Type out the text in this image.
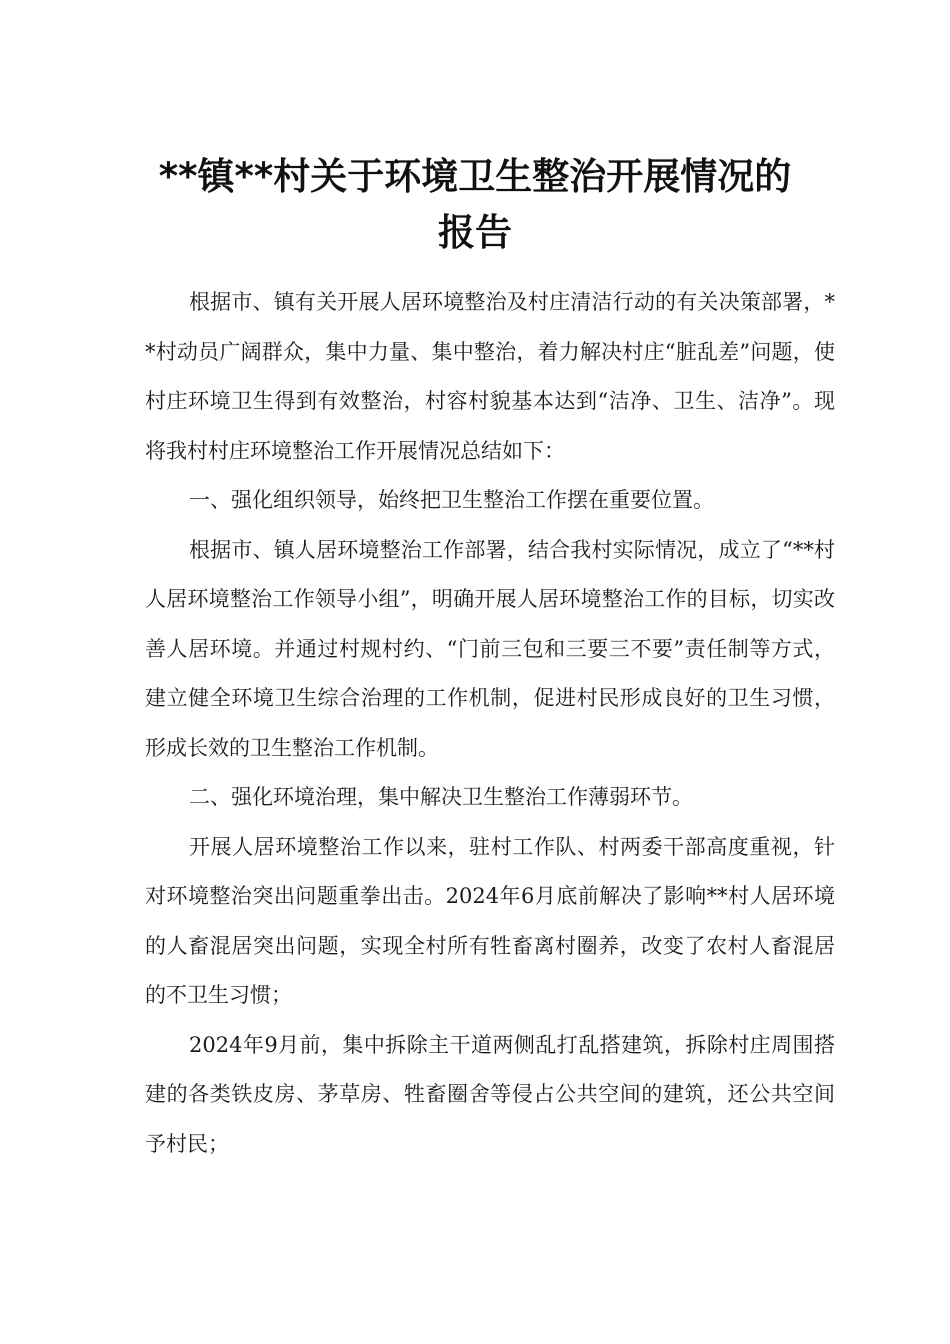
**镇**村关于环境卫生整治开展情况的
报告

根据市、镇有关开展人居环境整治及村庄清洁行动的有关决策部署，**村动员广阔群众，集中力量、集中整治，着力解决村庄“脏乱差”问题，使村庄环境卫生得到有效整治，村容村貌基本达到“洁净、卫生、洁净”。现将我村村庄环境整治工作开展情况总结如下：

一、强化组织领导，始终把卫生整治工作摆在重要位置。

根据市、镇人居环境整治工作部署，结合我村实际情况，成立了“**村人居环境整治工作领导小组”，明确开展人居环境整治工作的目标，切实改善人居环境。并通过村规村约、“门前三包和三要三不要”责任制等方式，建立健全环境卫生综合治理的工作机制，促进村民形成良好的卫生习惯，形成长效的卫生整治工作机制。

二、强化环境治理，集中解决卫生整治工作薄弱环节。

开展人居环境整治工作以来，驻村工作队、村两委干部高度重视，针对环境整治突出问题重拳出击。2024年6月底前解决了影响**村人居环境的人畜混居突出问题，实现全村所有牲畜离村圈养，改变了农村人畜混居的不卫生习惯；

2024年9月前，集中拆除主干道两侧乱打乱搭建筑，拆除村庄周围搭建的各类铁皮房、茅草房、牲畜圈舍等侵占公共空间的建筑，还公共空间予村民；
